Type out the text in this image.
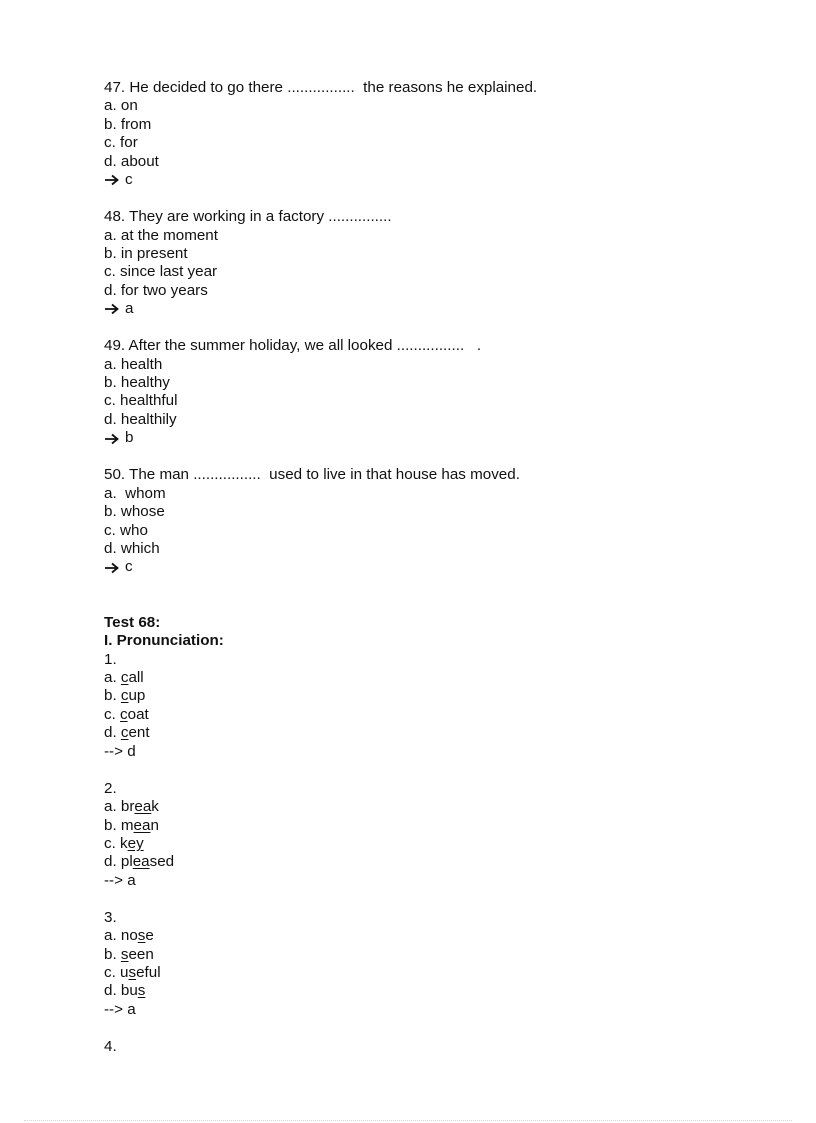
47. He decided to go there ................  the reasons he explained.
a. on
b. from
c. for
d. about
c
48. They are working in a factory ...............
a. at the moment
b. in present
c. since last year
d. for two years
a
49. After the summer holiday, we all looked ................   .
a. health
b. healthy
c. healthful
d. healthily
b
50. The man ................  used to live in that house has moved.
a.  whom
b. whose
c. who
d. which
c
Test 68:
I. Pronunciation:
1.
a. call
b. cup
c. coat
d. cent
--> d
2.
a. break
b. mean
c. key
d. pleased
--> a
3.
a. nose
b. seen
c. useful
d. bus
--> a
4.
